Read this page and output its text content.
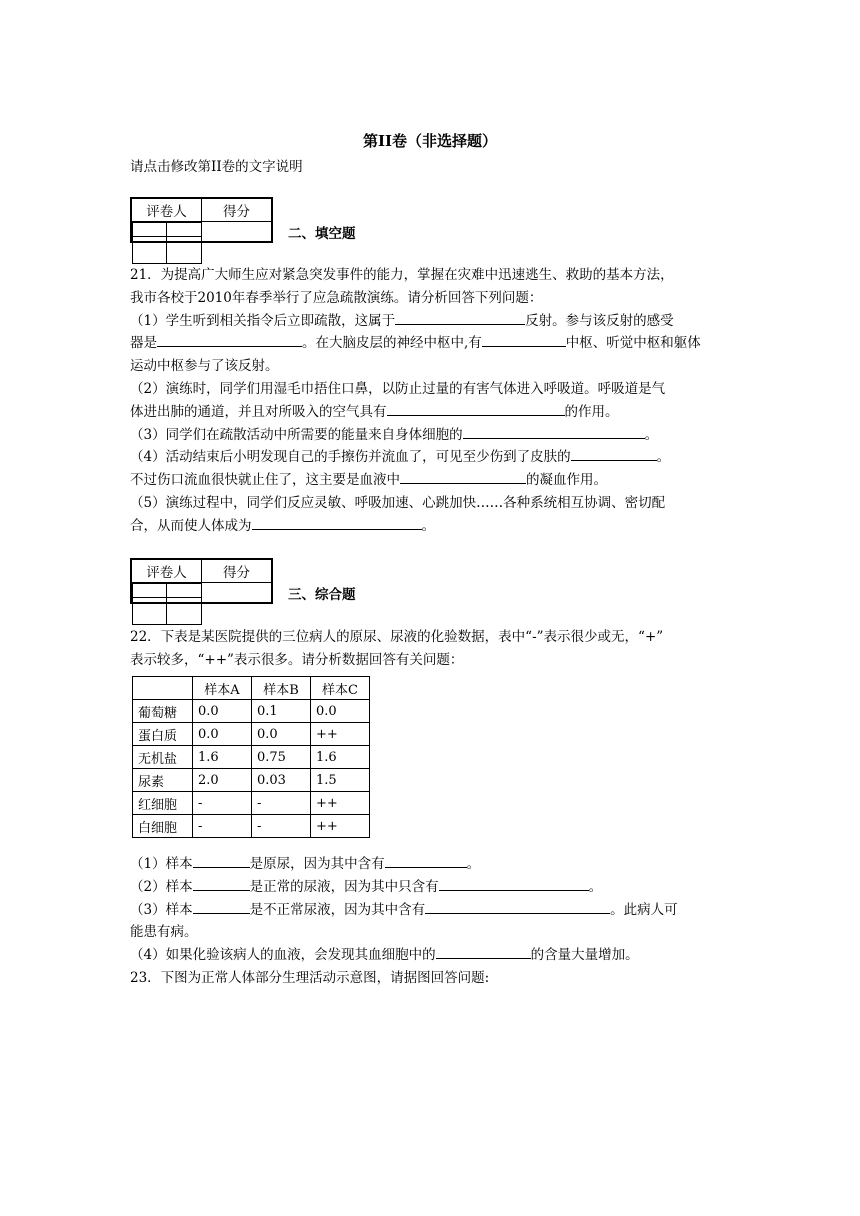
第II卷（非选择题）
请点击修改第II卷的文字说明
评卷人	得分

二、填空题

21．为提高广大师生应对紧急突发事件的能力，掌握在灾难中迅速逃生、救助的基本方法，

我市各校于2010年春季举行了应急疏散演练。请分析回答下列问题：

（1）学生听到相关指令后立即疏散，这属于	反射。参与该反射的感受

器是	。在大脑皮层的神经中枢中,有	中枢、听觉中枢和躯体

运动中枢参与了该反射。

（2）演练时，同学们用湿毛巾捂住口鼻，以防止过量的有害气体进入呼吸道。呼吸道是气

体进出肺的通道，并且对所吸入的空气具有	的作用。

（3）同学们在疏散活动中所需要的能量来自身体细胞的	。

（4）活动结束后小明发现自己的手擦伤并流血了，可见至少伤到了皮肤的	。

不过伤口流血很快就止住了，这主要是血液中	的凝血作用。

（5）演练过程中，同学们反应灵敏、呼吸加速、心跳加快……各种系统相互协调、密切配

合，从而使人体成为	。

评卷人	得分

三、综合题

22．下表是某医院提供的三位病人的原尿、尿液的化验数据，表中“-”表示很少或无，“+”

表示较多，“++”表示很多。请分析数据回答有关问题：

	样本A	样本B	样本C
葡萄糖	0.0	0.1	0.0
蛋白质	0.0	0.0	++
无机盐	1.6	0.75	1.6
尿素	2.0	0.03	1.5
红细胞	-	-	++
白细胞	-	-	++

（1）样本	是原尿，因为其中含有	。

（2）样本	是正常的尿液，因为其中只含有	。

（3）样本	是不正常尿液，因为其中含有	。此病人可

能患有病。

（4）如果化验该病人的血液，会发现其血细胞中的	的含量大量增加。

23．下图为正常人体部分生理活动示意图，请据图回答问题:
